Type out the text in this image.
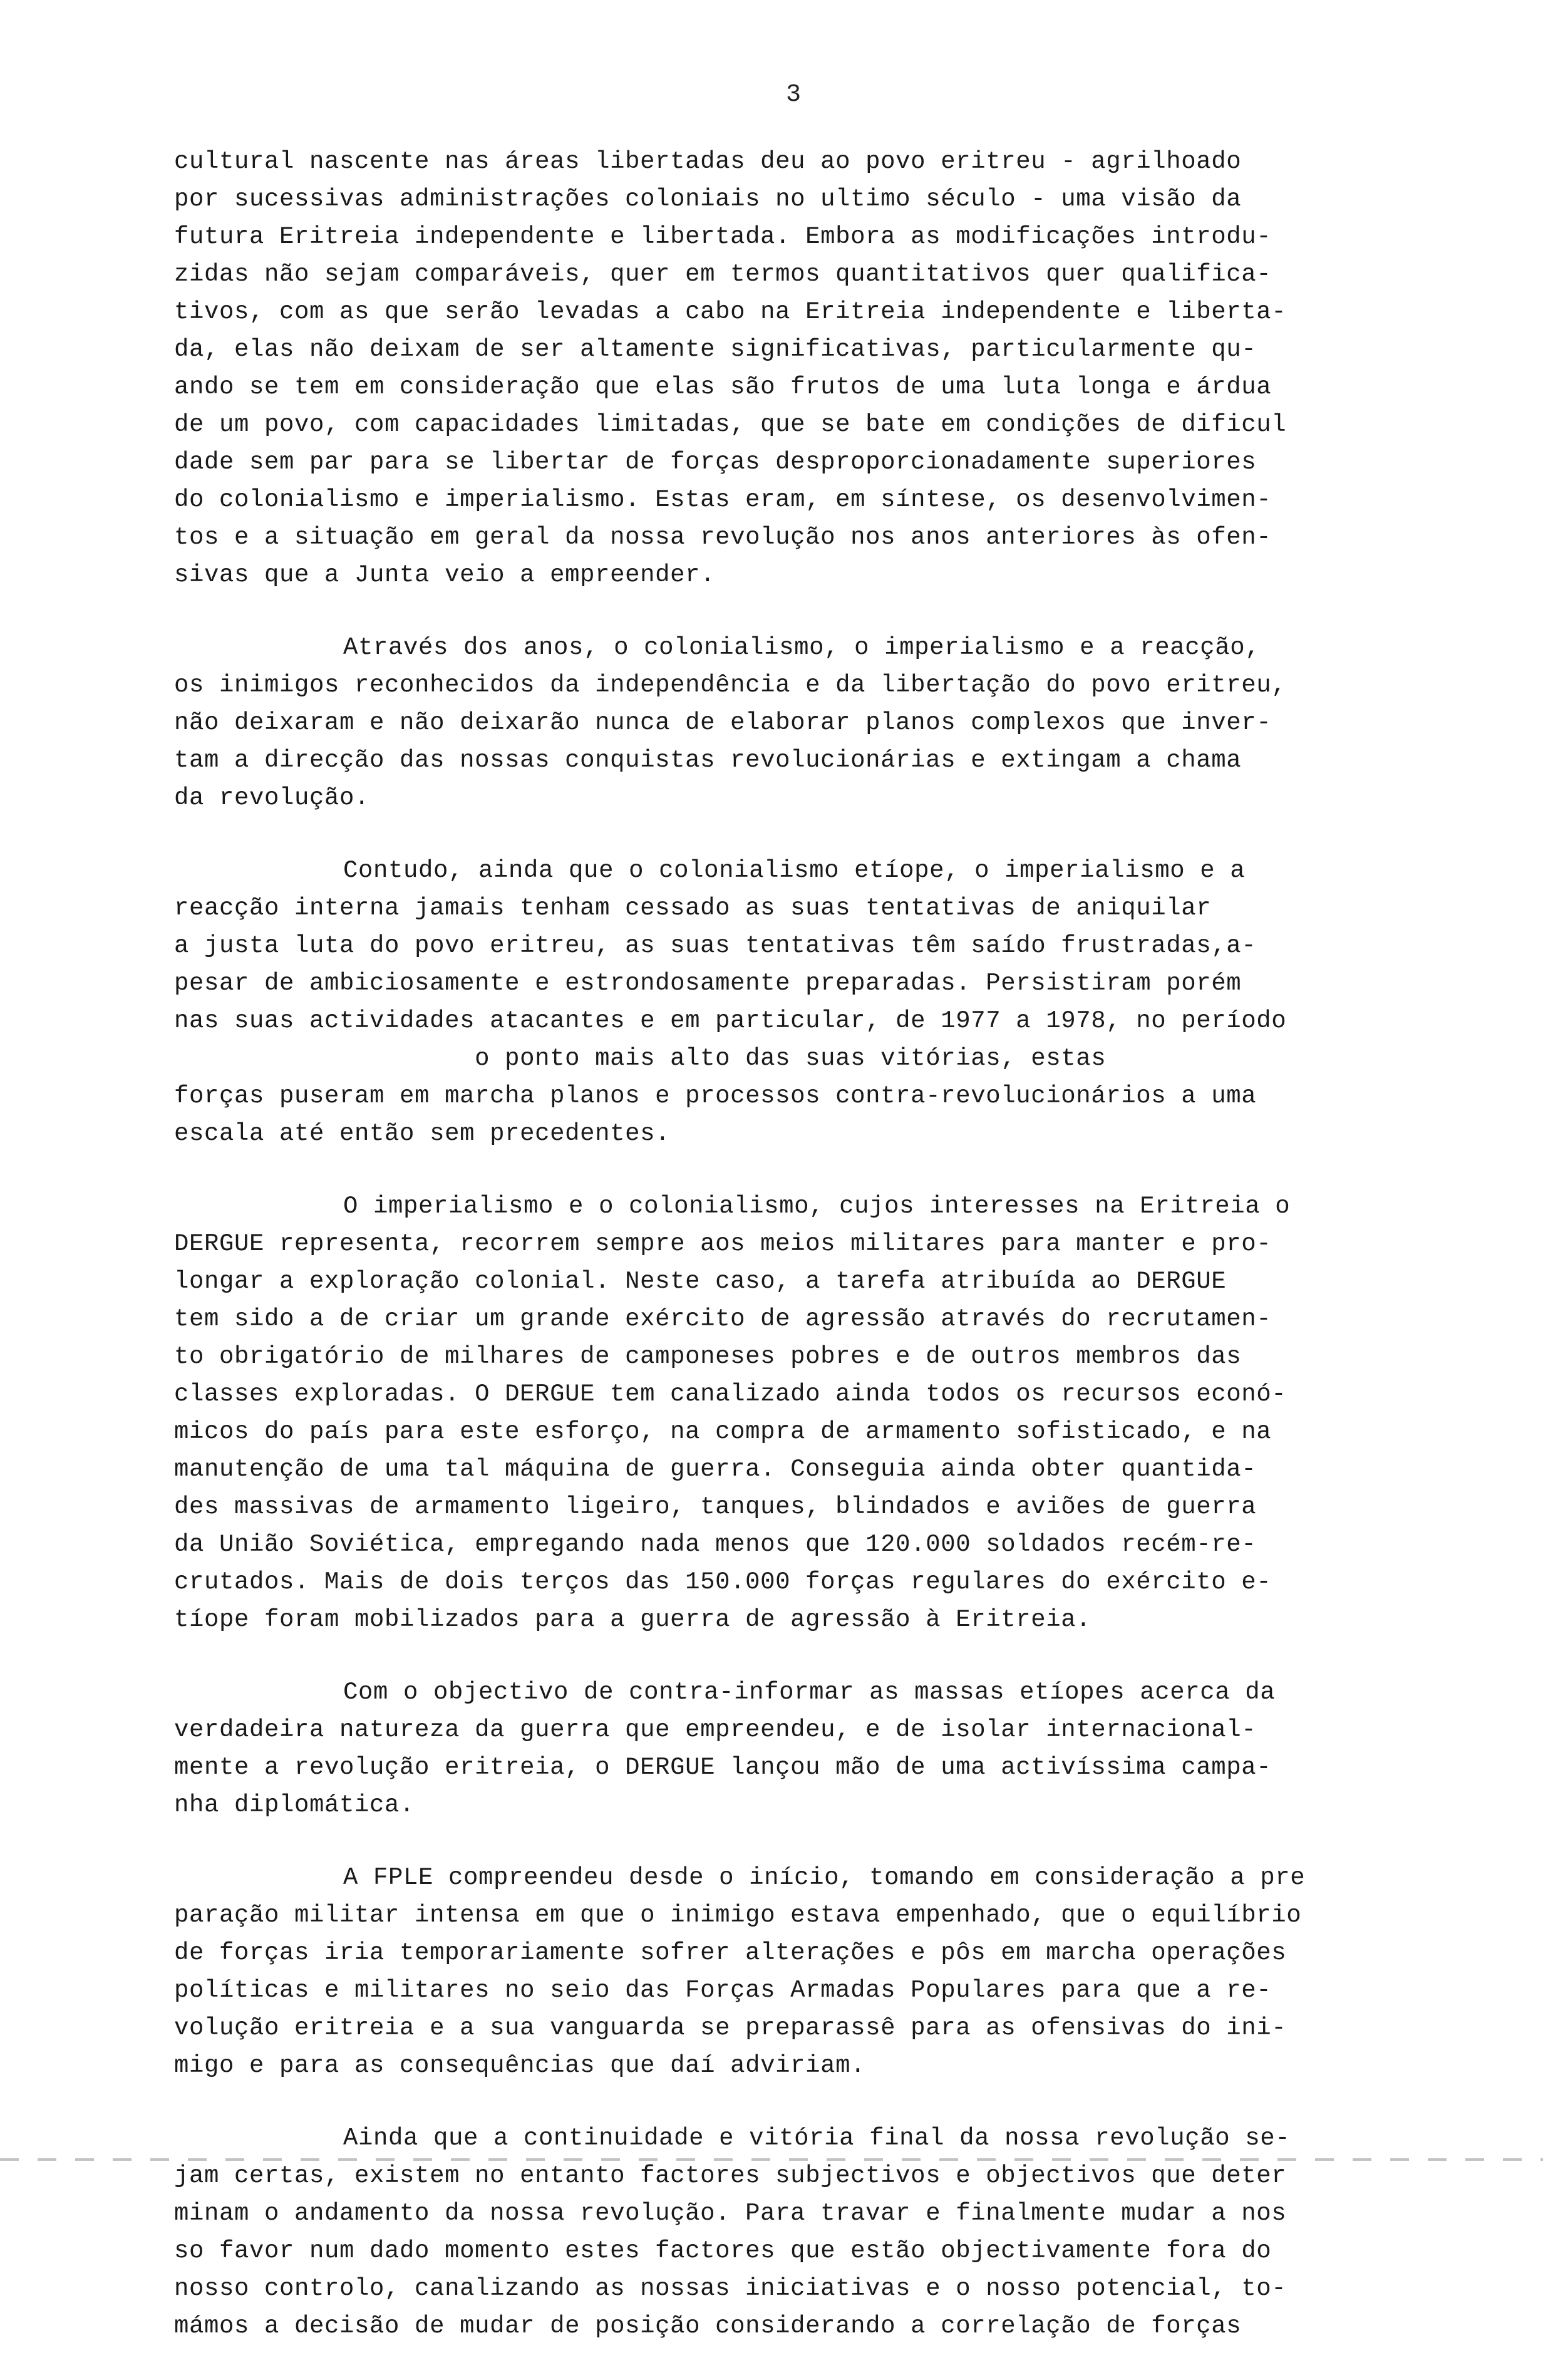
3
cultural nascente nas áreas libertadas deu ao povo eritreu - agrilhoado
por sucessivas administrações coloniais no ultimo século - uma visão da
futura Eritreia independente e libertada. Embora as modificações introdu-
zidas não sejam comparáveis, quer em termos quantitativos quer qualifica-
tivos, com as que serão levadas a cabo na Eritreia independente e liberta-
da, elas não deixam de ser altamente significativas, particularmente qu-
ando se tem em consideração que elas são frutos de uma luta longa e árdua
de um povo, com capacidades limitadas, que se bate em condições de dificul
dade sem par para se libertar de forças desproporcionadamente superiores
do colonialismo e imperialismo. Estas eram, em síntese, os desenvolvimen-
tos e a situação em geral da nossa revolução nos anos anteriores às ofen-
sivas que a Junta veio a empreender.
Através dos anos, o colonialismo, o imperialismo e a reacção,
os inimigos reconhecidos da independência e da libertação do povo eritreu,
não deixaram e não deixarão nunca de elaborar planos complexos que inver-
tam a direcção das nossas conquistas revolucionárias e extingam a chama
da revolução.
Contudo, ainda que o colonialismo etíope, o imperialismo e a
reacção interna jamais tenham cessado as suas tentativas de aniquilar
a justa luta do povo eritreu, as suas tentativas têm saído frustradas,a-
pesar de ambiciosamente e estrondosamente preparadas. Persistiram porém
nas suas actividades atacantes e em particular, de 1977 a 1978, no período
o ponto mais alto das suas vitórias, estas
forças puseram em marcha planos e processos contra-revolucionários a uma
escala até então sem precedentes.
O imperialismo e o colonialismo, cujos interesses na Eritreia o
DERGUE representa, recorrem sempre aos meios militares para manter e pro-
longar a exploração colonial. Neste caso, a tarefa atribuída ao DERGUE
tem sido a de criar um grande exército de agressão através do recrutamen-
to obrigatório de milhares de camponeses pobres e de outros membros das
classes exploradas. O DERGUE tem canalizado ainda todos os recursos econó-
micos do país para este esforço, na compra de armamento sofisticado, e na
manutenção de uma tal máquina de guerra. Conseguia ainda obter quantida-
des massivas de armamento ligeiro, tanques, blindados e aviões de guerra
da União Soviética, empregando nada menos que 120.000 soldados recém-re-
crutados. Mais de dois terços das 150.000 forças regulares do exército e-
tíope foram mobilizados para a guerra de agressão à Eritreia.
Com o objectivo de contra-informar as massas etíopes acerca da
verdadeira natureza da guerra que empreendeu, e de isolar internacional-
mente a revolução eritreia, o DERGUE lançou mão de uma activíssima campa-
nha diplomática.
A FPLE compreendeu desde o início, tomando em consideração a pre
paração militar intensa em que o inimigo estava empenhado, que o equilíbrio
de forças iria temporariamente sofrer alterações e pôs em marcha operações
políticas e militares no seio das Forças Armadas Populares para que a re-
volução eritreia e a sua vanguarda se preparassê para as ofensivas do ini-
migo e para as consequências que daí adviriam.
Ainda que a continuidade e vitória final da nossa revolução se-
jam certas, existem no entanto factores subjectivos e objectivos que deter
minam o andamento da nossa revolução. Para travar e finalmente mudar a nos
so favor num dado momento estes factores que estão objectivamente fora do
nosso controlo, canalizando as nossas iniciativas e o nosso potencial, to-
mámos a decisão de mudar de posição considerando a correlação de forças
